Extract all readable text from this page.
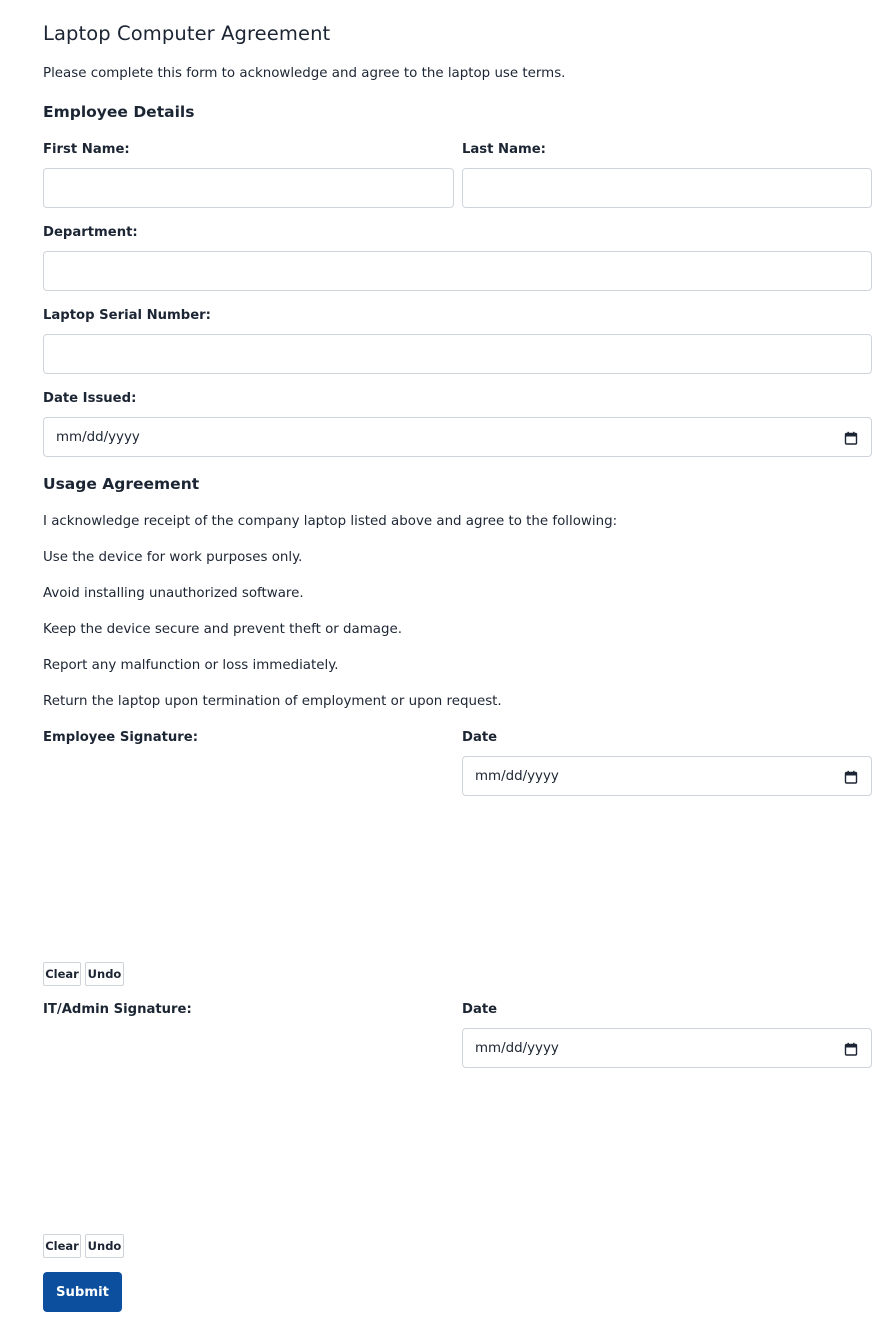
Laptop Computer Agreement
Please complete this form to acknowledge and agree to the laptop use terms.
Employee Details
First Name:	Last Name:
Department:
Laptop Serial Number:
Date Issued:
mm/dd/yyyy
Usage Agreement
I acknowledge receipt of the company laptop listed above and agree to the following:
Use the device for work purposes only.
Avoid installing unauthorized software.
Keep the device secure and prevent theft or damage.
Report any malfunction or loss immediately.
Return the laptop upon termination of employment or upon request.
Employee Signature:	Date
mm/dd/yyyy
Clear Undo
IT/Admin Signature:	Date
mm/dd/yyyy
Clear Undo
Submit
